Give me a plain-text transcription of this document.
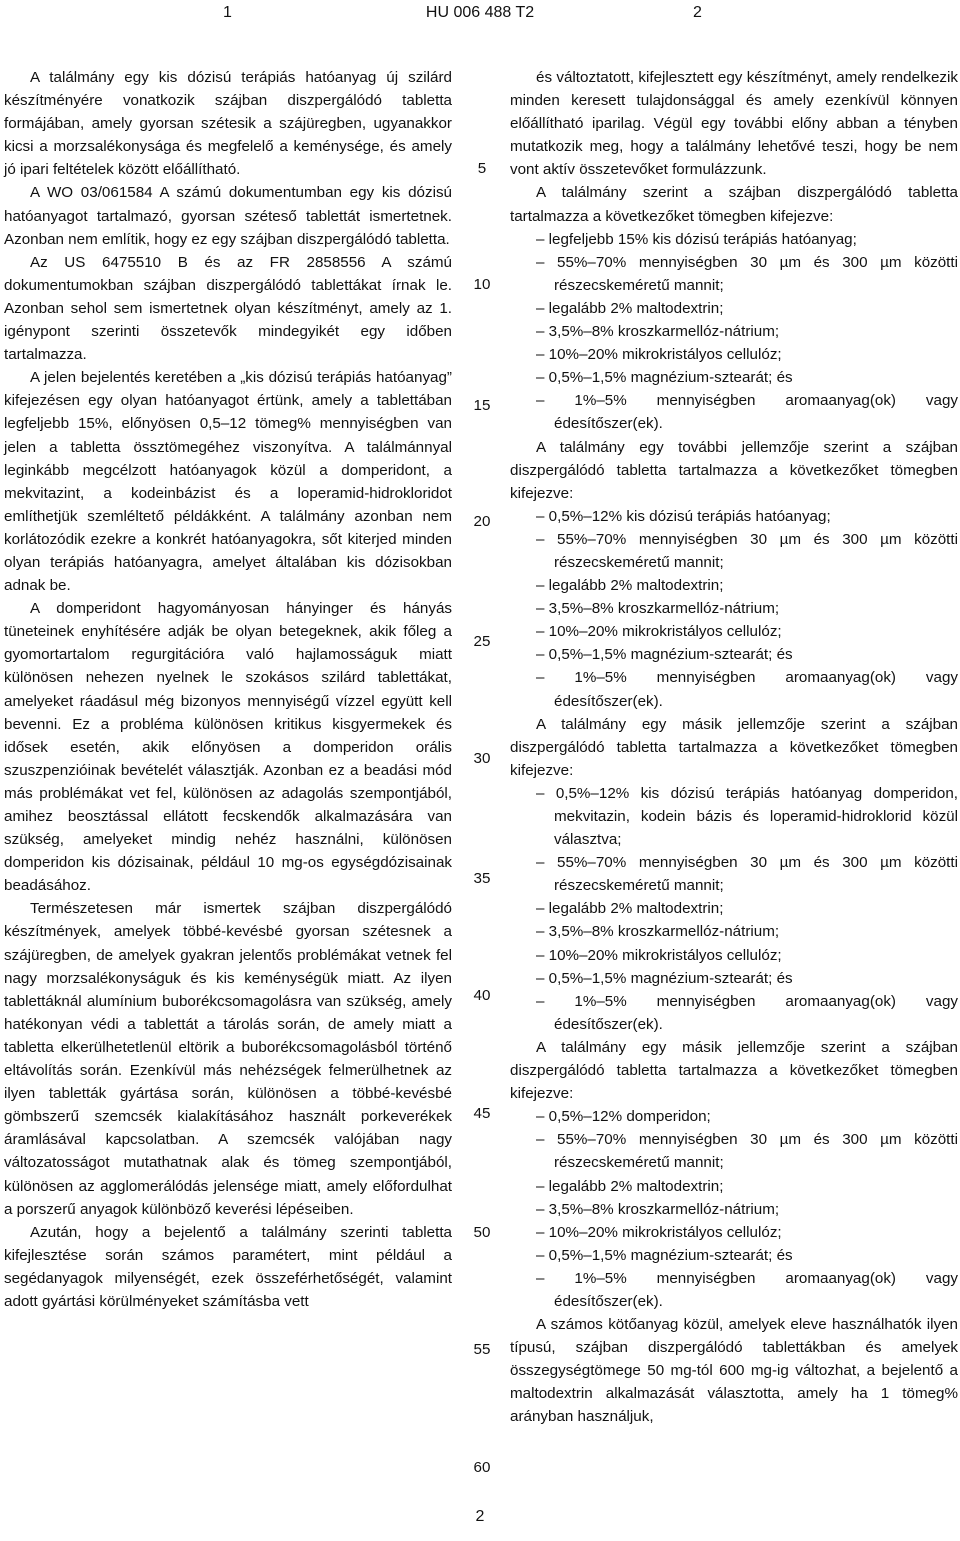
1	HU 006 488 T2	2

A találmány egy kis dózisú terápiás hatóanyag új szilárd készítményére vonatkozik szájban diszpergálódó tabletta formájában, amely gyorsan szétesik a szájüregben, ugyanakkor kicsi a morzsalékonysága és megfelelő a keménysége, és amely jó ipari feltételek között előállítható.

A WO 03/061584 A számú dokumentumban egy kis dózisú hatóanyagot tartalmazó, gyorsan széteső tablettát ismertetnek. Azonban nem említik, hogy ez egy szájban diszpergálódó tabletta.

Az US 6475510 B és az FR 2858556 A számú dokumentumokban szájban diszpergálódó tablettákat írnak le. Azonban sehol sem ismertetnek olyan készítményt, amely az 1. igénypont szerinti összetevők mindegyikét egy időben tartalmazza.

A jelen bejelentés keretében a „kis dózisú terápiás hatóanyag” kifejezésen egy olyan hatóanyagot értünk, amely a tablettában legfeljebb 15%, előnyösen 0,5–12 tömeg% mennyiségben van jelen a tabletta össztömegéhez viszonyítva. A találmánnyal leginkább megcélzott hatóanyagok közül a domperidont, a mekvitazint, a kodeinbázist és a loperamid-hidrokloridot említhetjük szemléltető példákként. A találmány azonban nem korlátozódik ezekre a konkrét hatóanyagokra, sőt kiterjed minden olyan terápiás hatóanyagra, amelyet általában kis dózisokban adnak be.

A domperidont hagyományosan hányinger és hányás tüneteinek enyhítésére adják be olyan betegeknek, akik főleg a gyomortartalom regurgitációra való hajlamosságuk miatt különösen nehezen nyelnek le szokásos szilárd tablettákat, amelyeket ráadásul még bizonyos mennyiségű vízzel együtt kell bevenni. Ez a probléma különösen kritikus kisgyermekek és idősek esetén, akik előnyösen a domperidon orális szuszpenzióinak bevételét választják. Azonban ez a beadási mód más problémákat vet fel, különösen az adagolás szempontjából, amihez beosztással ellátott fecskendők alkalmazására van szükség, amelyeket mindig nehéz használni, különösen domperidon kis dózisainak, például 10 mg-os egységdózisainak beadásához.

Természetesen már ismertek szájban diszpergálódó készítmények, amelyek többé-kevésbé gyorsan szétesnek a szájüregben, de amelyek gyakran jelentős problémákat vetnek fel nagy morzsalékonyságuk és kis keménységük miatt. Az ilyen tablettáknál alumínium buborékcsomagolásra van szükség, amely hatékonyan védi a tablettát a tárolás során, de amely miatt a tabletta elkerülhetetlenül eltörik a buborékcsomagolásból történő eltávolítás során. Ezenkívül más nehézségek felmerülhetnek az ilyen tabletták gyártása során, különösen a többé-kevésbé gömbszerű szemcsék kialakításához használt porkeverékek áramlásával kapcsolatban. A szemcsék valójában nagy változatosságot mutathatnak alak és tömeg szempontjából, különösen az agglomerálódás jelensége miatt, amely előfordulhat a porszerű anyagok különböző keverési lépéseiben.

Azután, hogy a bejelentő a találmány szerinti tabletta kifejlesztése során számos paramétert, mint például a segédanyagok milyenségét, ezek összeférhetőségét, valamint adott gyártási körülményeket számításba vett

és változtatott, kifejlesztett egy készítményt, amely rendelkezik minden keresett tulajdonsággal és amely ezenkívül könnyen előállítható iparilag. Végül egy további előny abban a tényben mutatkozik meg, hogy a találmány lehetővé teszi, hogy be nem vont aktív összetevőket formulázzunk.

A találmány szerint a szájban diszpergálódó tabletta tartalmazza a következőket tömegben kifejezve:

– legfeljebb 15% kis dózisú terápiás hatóanyag;
– 55%–70% mennyiségben 30 µm és 300 µm közötti részecskeméretű mannit;
– legalább 2% maltodextrin;
– 3,5%–8% kroszkarmellóz-nátrium;
– 10%–20% mikrokristályos cellulóz;
– 0,5%–1,5% magnézium-sztearát; és
– 1%–5% mennyiségben aromaanyag(ok) vagy édesítőszer(ek).

A találmány egy további jellemzője szerint a szájban diszpergálódó tabletta tartalmazza a következőket tömegben kifejezve:

– 0,5%–12% kis dózisú terápiás hatóanyag;
– 55%–70% mennyiségben 30 µm és 300 µm közötti részecskeméretű mannit;
– legalább 2% maltodextrin;
– 3,5%–8% kroszkarmellóz-nátrium;
– 10%–20% mikrokristályos cellulóz;
– 0,5%–1,5% magnézium-sztearát; és
– 1%–5% mennyiségben aromaanyag(ok) vagy édesítőszer(ek).

A találmány egy másik jellemzője szerint a szájban diszpergálódó tabletta tartalmazza a következőket tömegben kifejezve:

– 0,5%–12% kis dózisú terápiás hatóanyag domperidon, mekvitazin, kodein bázis és loperamid-hidroklorid közül választva;
– 55%–70% mennyiségben 30 µm és 300 µm közötti részecskeméretű mannit;
– legalább 2% maltodextrin;
– 3,5%–8% kroszkarmellóz-nátrium;
– 10%–20% mikrokristályos cellulóz;
– 0,5%–1,5% magnézium-sztearát; és
– 1%–5% mennyiségben aromaanyag(ok) vagy édesítőszer(ek).

A találmány egy másik jellemzője szerint a szájban diszpergálódó tabletta tartalmazza a következőket tömegben kifejezve:

– 0,5%–12% domperidon;
– 55%–70% mennyiségben 30 µm és 300 µm közötti részecskeméretű mannit;
– legalább 2% maltodextrin;
– 3,5%–8% kroszkarmellóz-nátrium;
– 10%–20% mikrokristályos cellulóz;
– 0,5%–1,5% magnézium-sztearát; és
– 1%–5% mennyiségben aromaanyag(ok) vagy édesítőszer(ek).

A számos kötőanyag közül, amelyek eleve használhatók ilyen típusú, szájban diszpergálódó tablettákban és amelyek összegységtömege 50 mg-tól 600 mg-ig változhat, a bejelentő a maltodextrin alkalmazását választotta, amely ha 1 tömeg% arányban használjuk,

5
10
15
20
25
30
35
40
45
50
55
60
2
